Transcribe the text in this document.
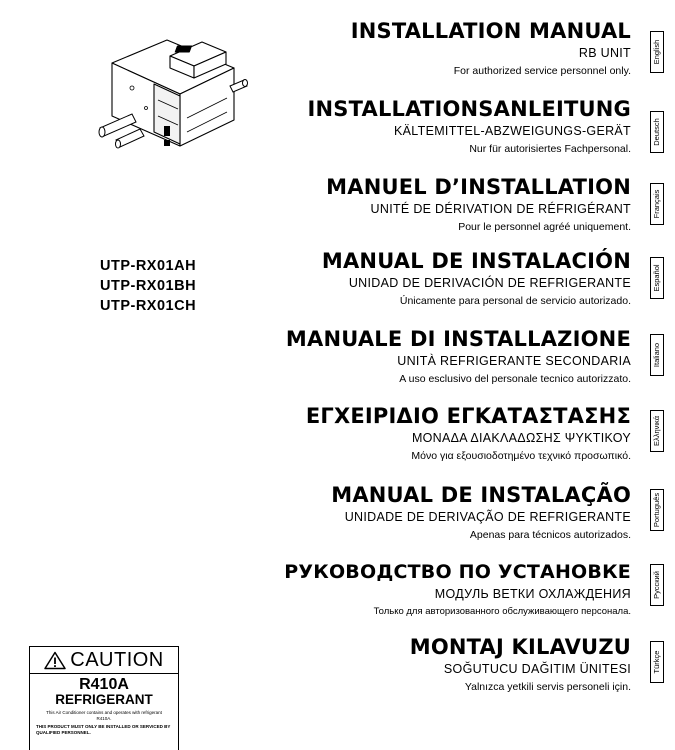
UTP-RX01AH
UTP-RX01BH
UTP-RX01CH
INSTALLATION MANUAL
RB UNIT
For authorized service personnel only.
English
INSTALLATIONSANLEITUNG
KÄLTEMITTEL-ABZWEIGUNGS-GERÄT
Nur für autorisiertes Fachpersonal.
Deutsch
MANUEL D’INSTALLATION
UNITÉ DE DÉRIVATION DE RÉFRIGÉRANT
Pour le personnel agréé uniquement.
Français
MANUAL DE INSTALACIÓN
UNIDAD DE DERIVACIÓN DE REFRIGERANTE
Únicamente para personal de servicio autorizado.
Español
MANUALE DI INSTALLAZIONE
UNITÀ REFRIGERANTE SECONDARIA
A uso esclusivo del personale tecnico autorizzato.
Italiano
ΕΓΧΕΙΡΙΔΙΟ ΕΓΚΑΤΑΣΤΑΣΗΣ
ΜΟΝΑΔΑ ΔΙΑΚΛΑΔΩΣΗΣ ΨΥΚΤΙΚΟΥ
Μόνο για εξουσιοδοτημένο τεχνικό προσωπικό.
Ελληνικά
MANUAL DE INSTALAÇÃO
UNIDADE DE DERIVAÇÃO DE REFRIGERANTE
Apenas para técnicos autorizados.
Português
РУКОВОДСТВО ПО УСТАНОВКЕ
МОДУЛЬ ВЕТКИ ОХЛАЖДЕНИЯ
Только для авторизованного обслуживающего персонала.
Русский
MONTAJ KILAVUZU
SOĞUTUCU DAĞITIM ÜNITESI
Yalnızca yetkili servis personeli için.
Türkçe
CAUTION
R410A
REFRIGERANT
This Air Conditioner contains and operates with refrigerant R410A.
THIS PRODUCT MUST ONLY BE INSTALLED OR SERVICED BY QUALIFIED PERSONNEL.
